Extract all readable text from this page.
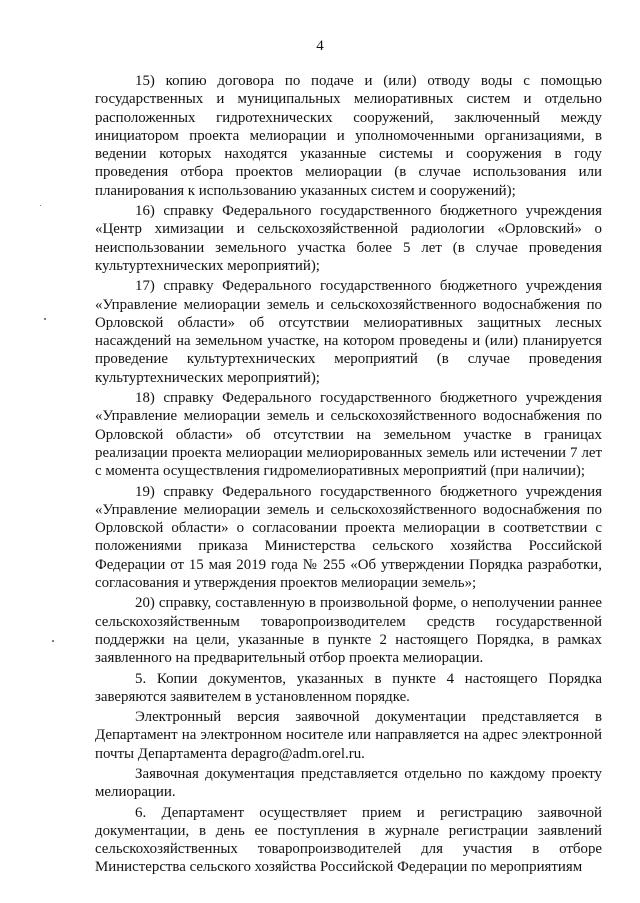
4

15) копию договора по подаче и (или) отводу воды с помощью государственных и муниципальных мелиоративных систем и отдельно расположенных гидротехнических сооружений, заключенный между инициатором проекта мелиорации и уполномоченными организациями, в ведении которых находятся указанные системы и сооружения в году проведения отбора проектов мелиорации (в случае использования или планирования к использованию указанных систем и сооружений);

16) справку Федерального государственного бюджетного учреждения «Центр химизации и сельскохозяйственной радиологии «Орловский» о неиспользовании земельного участка более 5 лет (в случае проведения культуртехнических мероприятий);

17) справку Федерального государственного бюджетного учреждения «Управление мелиорации земель и сельскохозяйственного водоснабжения по Орловской области» об отсутствии мелиоративных защитных лесных насаждений на земельном участке, на котором проведены и (или) планируется проведение культуртехнических мероприятий (в случае проведения культуртехнических мероприятий);

18) справку Федерального государственного бюджетного учреждения «Управление мелиорации земель и сельскохозяйственного водоснабжения по Орловской области» об отсутствии на земельном участке в границах реализации проекта мелиорации мелиорированных земель или истечении 7 лет с момента осуществления гидромелиоративных мероприятий (при наличии);

19) справку Федерального государственного бюджетного учреждения «Управление мелиорации земель и сельскохозяйственного водоснабжения по Орловской области» о согласовании проекта мелиорации в соответствии с положениями приказа Министерства сельского хозяйства Российской Федерации от 15 мая 2019 года № 255 «Об утверждении Порядка разработки, согласования и утверждения проектов мелиорации земель»;

20) справку, составленную в произвольной форме, о неполучении раннее сельскохозяйственным товаропроизводителем средств государственной поддержки на цели, указанные в пункте 2 настоящего Порядка, в рамках заявленного на предварительный отбор проекта мелиорации.

5. Копии документов, указанных в пункте 4 настоящего Порядка заверяются заявителем в установленном порядке.

Электронный версия заявочной документации представляется в Департамент на электронном носителе или направляется на адрес электронной почты Департамента depagro@adm.orel.ru.

Заявочная документация представляется отдельно по каждому проекту мелиорации.

6. Департамент осуществляет прием и регистрацию заявочной документации, в день ее поступления в журнале регистрации заявлений сельскохозяйственных товаропроизводителей для участия в отборе Министерства сельского хозяйства Российской Федерации по мероприятиям
